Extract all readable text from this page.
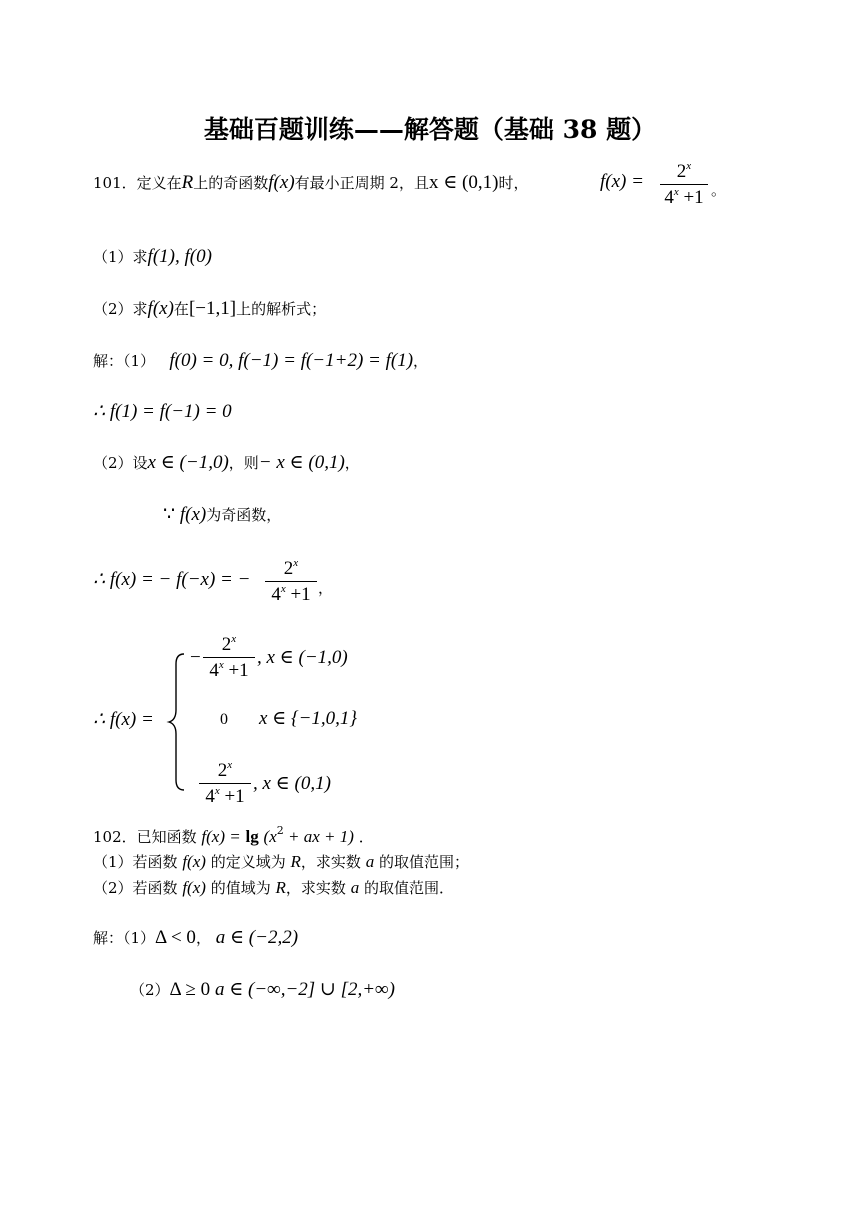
基础百题训练——解答题（基础 38 题）
101．定义在R上的奇函数f(x)有最小正周期 2，且x ∈ (0,1)时，	f(x) =	$2^x$
$4^x +1$ 。
（1）求f(1), f(0)
（2）求f(x)在[−1,1]上的解析式；
解：（1） f(0) = 0, f(−1) = f(−1+2) = f(1)，
∴ f(1) = f(−1) = 0
（2）设x ∈ (−1,0)，则− x ∈ (0,1)，
∵ f(x)为奇函数，
∴ f(x) = − f(−x) = −
$2^x$
$4^x +1$ ，
∴ f(x) =
−
$2^x$
$4^x +1$
, x ∈ (−1,0)
0 x ∈ {−1,0,1}
2$^x$
$4^x +1$
, x ∈ (0,1)
102．已知函数 $f(x) = \lg (x^2$ + ax + 1) ．
（1）若函数 f(x) 的定义域为 R，求实数 a 的取值范围；
（2）若函数 f(x) 的值域为 R，求实数 a 的取值范围．
解：（1）Δ < 0， a ∈ (−2,2)
（2）Δ ≥ 0 a ∈ (−∞,−2] ∪ [2,+∞)
